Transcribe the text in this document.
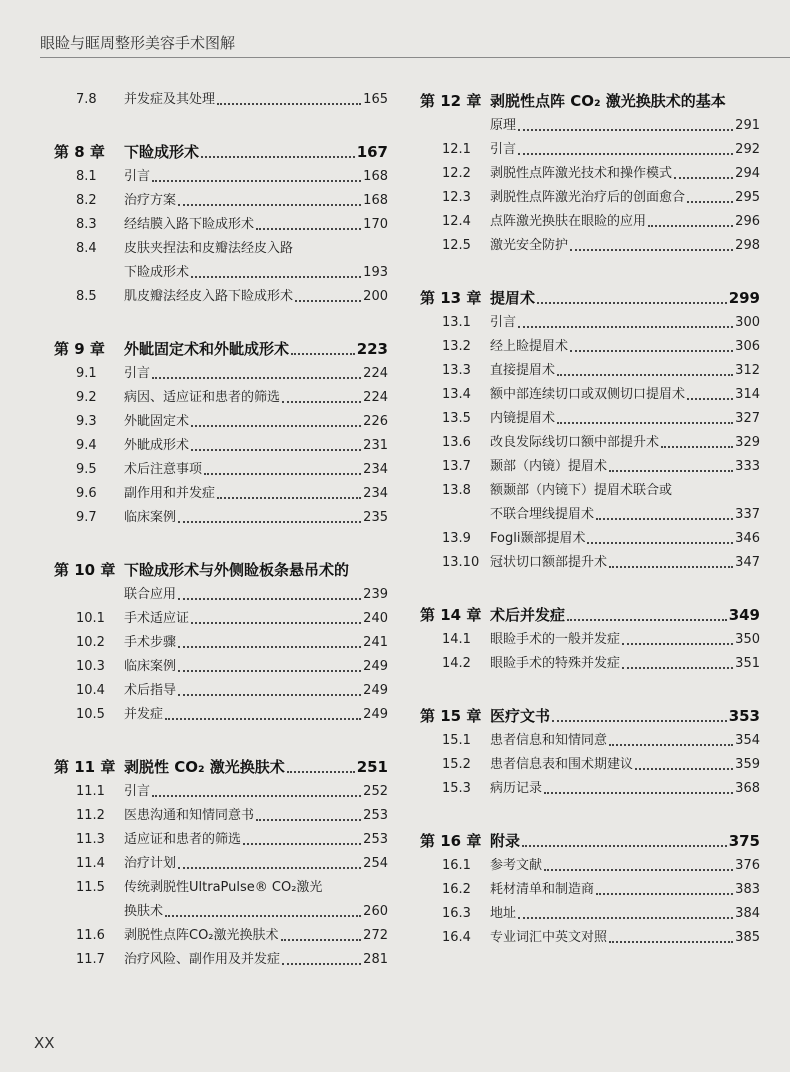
眼睑与眶周整形美容手术图解
7.8	并发症及其处理	165
第 8 章	下睑成形术	167
8.1	引言	168
8.2	治疗方案	168
8.3	经结膜入路下睑成形术	170
8.4	皮肤夹捏法和皮瓣法经皮入路
下睑成形术	193
8.5	肌皮瓣法经皮入路下睑成形术	200
第 9 章	外眦固定术和外眦成形术	223
9.1	引言	224
9.2	病因、适应证和患者的筛选	224
9.3	外眦固定术	226
9.4	外眦成形术	231
9.5	术后注意事项	234
9.6	副作用和并发症	234
9.7	临床案例	235
第 10 章 下睑成形术与外侧睑板条悬吊术的
联合应用	239
10.1	手术适应证	240
10.2	手术步骤	241
10.3	临床案例	249
10.4	术后指导	249
10.5	并发症	249
第 11 章 剥脱性 CO₂ 激光换肤术	251
11.1	引言	252
11.2	医患沟通和知情同意书	253
11.3	适应证和患者的筛选	253
11.4	治疗计划	254
11.5	传统剥脱性UltraPulse® CO₂激光
换肤术	260
11.6	剥脱性点阵CO₂激光换肤术	272
11.7	治疗风险、副作用及并发症	281
第 12 章 剥脱性点阵 CO₂ 激光换肤术的基本
原理	291
12.1	引言	292
12.2	剥脱性点阵激光技术和操作模式	294
12.3	剥脱性点阵激光治疗后的创面愈合	295
12.4	点阵激光换肤在眼睑的应用	296
12.5	激光安全防护	298
第 13 章 提眉术	299
13.1	引言	300
13.2	经上睑提眉术	306
13.3	直接提眉术	312
13.4	额中部连续切口或双侧切口提眉术	314
13.5	内镜提眉术	327
13.6	改良发际线切口额中部提升术	329
13.7	颞部（内镜）提眉术	333
13.8	额颞部（内镜下）提眉术联合或
不联合埋线提眉术	337
13.9	Fogli颞部提眉术	346
13.10 冠状切口额部提升术	347
第 14 章 术后并发症	349
14.1	眼睑手术的一般并发症	350
14.2	眼睑手术的特殊并发症	351
第 15 章 医疗文书	353
15.1	患者信息和知情同意	354
15.2	患者信息表和围术期建议	359
15.3	病历记录	368
第 16 章 附录	375
16.1	参考文献	376
16.2	耗材清单和制造商	383
16.3	地址	384
16.4	专业词汇中英文对照	385
XX
